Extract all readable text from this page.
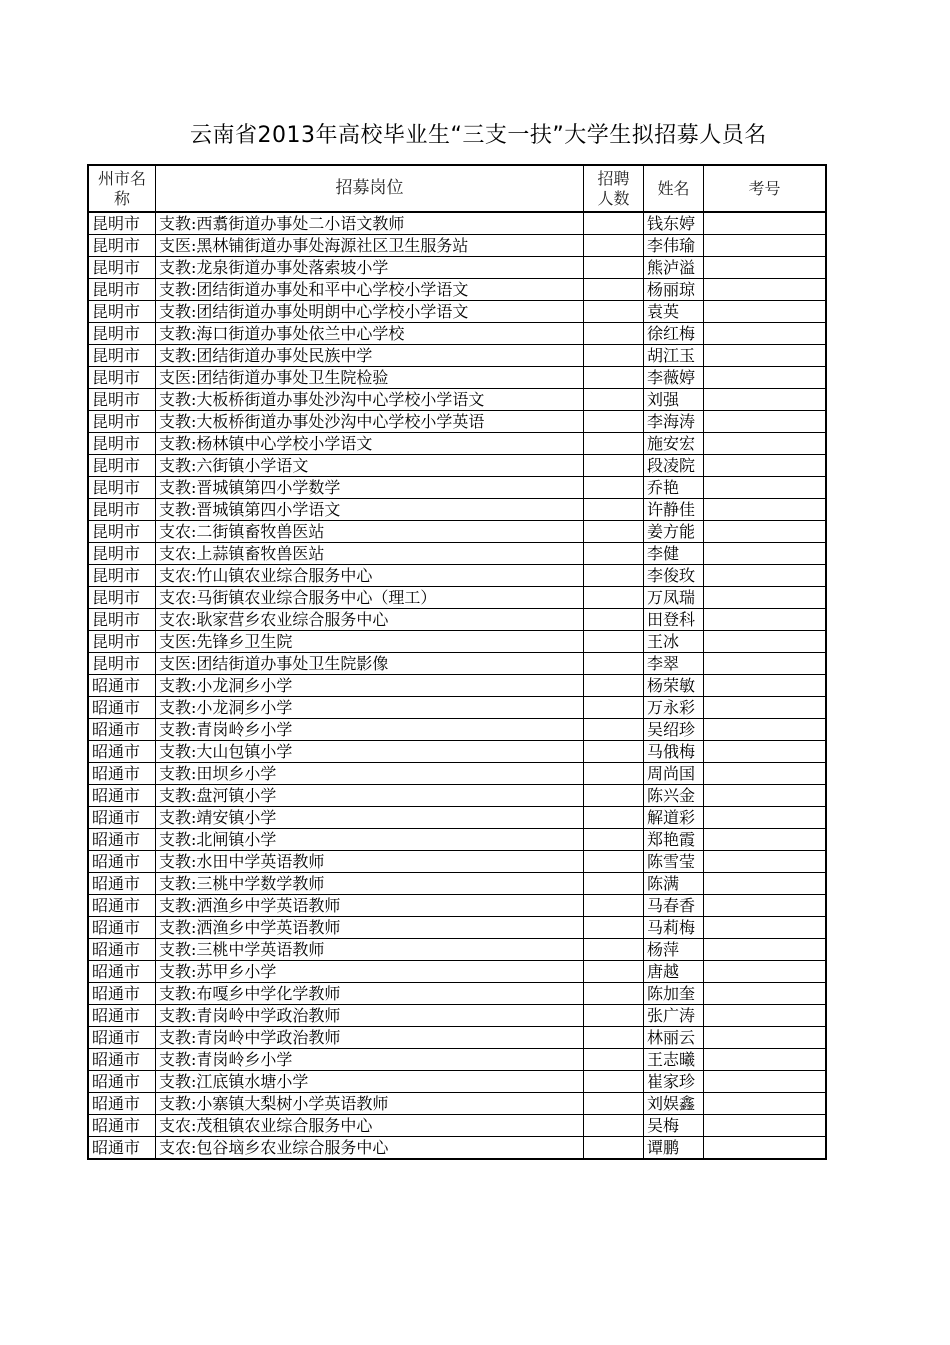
云南省2013年高校毕业生“三支一扶”大学生拟招募人员名
州市名称	招募岗位	招聘人数	姓名	考号
昆明市	支教:西翥街道办事处二小语文教师		钱东婷	
昆明市	支医:黑林铺街道办事处海源社区卫生服务站		李伟瑜	
昆明市	支教:龙泉街道办事处落索坡小学		熊泸溢	
昆明市	支教:团结街道办事处和平中心学校小学语文		杨丽琼	
昆明市	支教:团结街道办事处明朗中心学校小学语文		袁英	
昆明市	支教:海口街道办事处依兰中心学校		徐红梅	
昆明市	支教:团结街道办事处民族中学		胡江玉	
昆明市	支医:团结街道办事处卫生院检验		李薇婷	
昆明市	支教:大板桥街道办事处沙沟中心学校小学语文		刘强	
昆明市	支教:大板桥街道办事处沙沟中心学校小学英语		李海涛	
昆明市	支教:杨林镇中心学校小学语文		施安宏	
昆明市	支教:六街镇小学语文		段凌院	
昆明市	支教:晋城镇第四小学数学		乔艳	
昆明市	支教:晋城镇第四小学语文		许静佳	
昆明市	支农:二街镇畜牧兽医站		姜方能	
昆明市	支农:上蒜镇畜牧兽医站		李健	
昆明市	支农:竹山镇农业综合服务中心		李俊玫	
昆明市	支农:马街镇农业综合服务中心（理工）		万凤瑞	
昆明市	支农:耿家营乡农业综合服务中心		田登科	
昆明市	支医:先锋乡卫生院		王冰	
昆明市	支医:团结街道办事处卫生院影像		李翠	
昭通市	支教:小龙洞乡小学		杨荣敏	
昭通市	支教:小龙洞乡小学		万永彩	
昭通市	支教:青岗岭乡小学		吴绍珍	
昭通市	支教:大山包镇小学		马俄梅	
昭通市	支教:田坝乡小学		周尚国	
昭通市	支教:盘河镇小学		陈兴金	
昭通市	支教:靖安镇小学		解道彩	
昭通市	支教:北闸镇小学		郑艳霞	
昭通市	支教:水田中学英语教师		陈雪莹	
昭通市	支教:三桃中学数学教师		陈满	
昭通市	支教:洒渔乡中学英语教师		马春香	
昭通市	支教:洒渔乡中学英语教师		马莉梅	
昭通市	支教:三桃中学英语教师		杨萍	
昭通市	支教:苏甲乡小学		唐越	
昭通市	支教:布嘎乡中学化学教师		陈加奎	
昭通市	支教:青岗岭中学政治教师		张广涛	
昭通市	支教:青岗岭中学政治教师		林丽云	
昭通市	支教:青岗岭乡小学		王志曦	
昭通市	支教:江底镇水塘小学		崔家珍	
昭通市	支教:小寨镇大梨树小学英语教师		刘娱鑫	
昭通市	支农:茂租镇农业综合服务中心		吴梅	
昭通市	支农:包谷垴乡农业综合服务中心		谭鹏	
